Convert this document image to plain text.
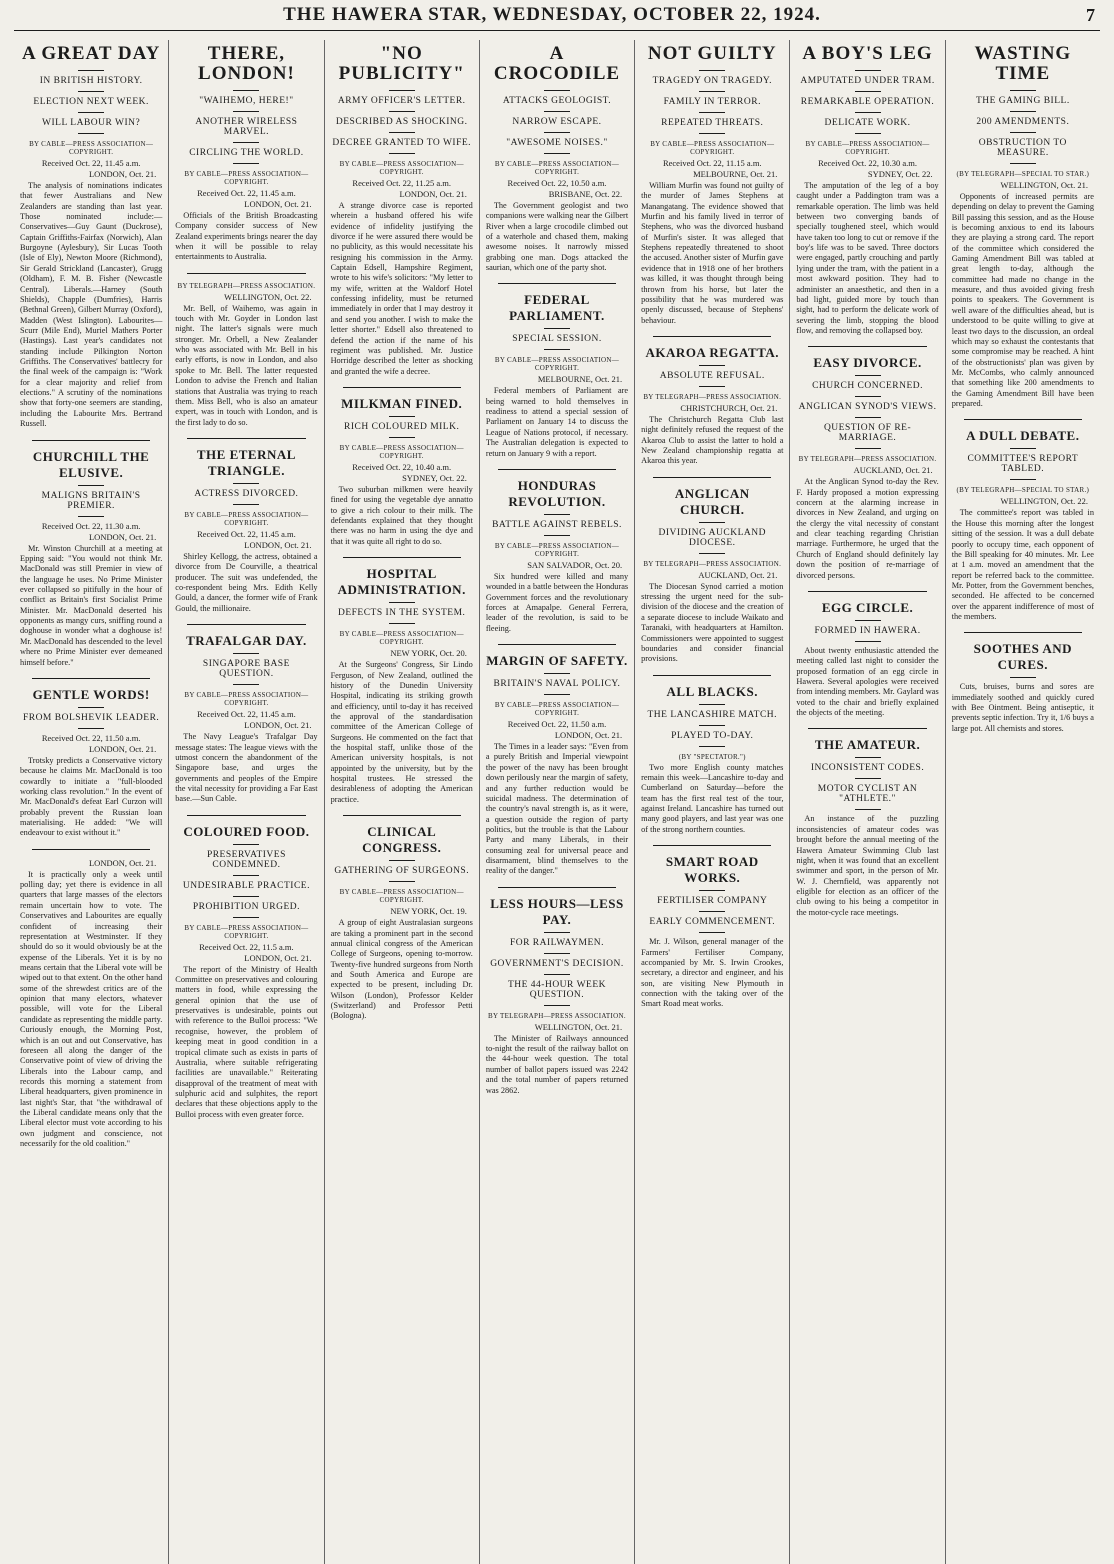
THE HAWERA STAR, WEDNESDAY, OCTOBER 22, 1924.	7
A GREAT DAY
IN BRITISH HISTORY.
ELECTION NEXT WEEK.
WILL LABOUR WIN?
BY CABLE—PRESS ASSOCIATION—COPYRIGHT.
Received Oct. 22, 11.45 a.m.
LONDON, Oct. 21.

The analysis of nominations indicates that fewer Australians and New Zealanders are standing than last year. Those nominated include:— Conservatives—Guy Gaunt (Duckrose), Captain Griffiths-Fairfax (Norwich), Alan Burgoyne (Aylesbury), Sir Lucas Tooth (Isle of Ely), Newton Moore (Richmond), Sir Gerald Strickland (Lancaster), Grugg (Oldham), F. M. B. Fisher (Newcastle Central). Liberals.—Harney (South Shields), Chapple (Dumfries), Harris (Bethnal Green), Gilbert Murray (Oxford), Madden (West Islington). Labourites—Scurr (Mile End), Muriel Mathers Porter (Hastings). Last year's candidates not standing include Pilkington Norton Griffiths. The Conservatives' battlecry for the final week of the campaign is: "Work for a clear majority and relief from elections." A scrutiny of the nominations show that forty-one seemers are standing, including the Labourite Mrs. Bertrand Russell.

CHURCHILL THE ELUSIVE.
MALIGNS BRITAIN'S PREMIER.
Received Oct. 22, 11.30 a.m.
LONDON, Oct. 21.

Mr. Winston Churchill at a meeting at Epping said: "You would not think Mr. MacDonald was still Premier in view of the language he uses. No Prime Minister ever collapsed so pitifully in the hour of conflict as Britain's first Socialist Prime Minister. Mr. MacDonald deserted his opponents as mangy curs, sniffing round a doghouse in wonder what a doghouse is! Mr. MacDonald has descended to the level where no Prime Minister ever demeaned himself before."

GENTLE WORDS!
FROM BOLSHEVIK LEADER.
Received Oct. 22, 11.50 a.m.
LONDON, Oct. 21.

Trotsky predicts a Conservative victory because he claims Mr. MacDonald is too cowardly to initiate a "full-blooded working class revolution." In the event of Mr. MacDonald's defeat Earl Curzon will probably prevent the Russian loan materialising. He added: "We will endeavour to exist without it."

LONDON, Oct. 21.

It is practically only a week until polling day; yet there is evidence in all quarters that large masses of the electors remain uncertain how to vote. The Conservatives and Labourites are equally confident of increasing their representation at Westminster. If they should do so it would obviously be at the expense of the Liberals. Yet it is by no means certain that the Liberal vote will be wiped out to that extent. On the other hand some of the shrewdest critics are of the opinion that many electors, whatever possible, will vote for the Liberal candidate as representing the middle party. Curiously enough, the Morning Post, which is an out and out Conservative, has foreseen all along the danger of the Conservative point of view of driving the Liberals into the Labour camp, and records this morning a statement from Liberal headquarters, given prominence in last night's Star, that "the withdrawal of the Liberal candidate means only that the Liberal elector must vote according to his own judgment and conscience, not necessarily for the old coalition."

THERE, LONDON!
"WAIHEMO, HERE!"
ANOTHER WIRELESS MARVEL.
CIRCLING THE WORLD.
BY CABLE—PRESS ASSOCIATION—COPYRIGHT.
Received Oct. 22, 11.45 a.m.
LONDON, Oct. 21.

Officials of the British Broadcasting Company consider success of New Zealand experiments brings nearer the day when it will be possible to relay entertainments to Australia.

BY TELEGRAPH—PRESS ASSOCIATION.
WELLINGTON, Oct. 22.

Mr. Bell, of Waihemo, was again in touch with Mr. Goyder in London last night. The latter's signals were much stronger. Mr. Orbell, a New Zealander who was associated with Mr. Bell in his early efforts, is now in London, and also spoke to Mr. Bell. The latter requested London to advise the French and Italian stations that Australia was trying to reach them. Miss Bell, who is also an amateur expert, was in touch with London, and is the first lady to do so.

THE ETERNAL TRIANGLE.
ACTRESS DIVORCED.
BY CABLE—PRESS ASSOCIATION—COPYRIGHT.
Received Oct. 22, 11.45 a.m.
LONDON, Oct. 21.

Shirley Kellogg, the actress, obtained a divorce from De Courville, a theatrical producer. The suit was undefended, the co-respondent being Mrs. Edith Kelly Gould, a dancer, the former wife of Frank Gould, the millionaire.

TRAFALGAR DAY.
SINGAPORE BASE QUESTION.
BY CABLE—PRESS ASSOCIATION—COPYRIGHT.
Received Oct. 22, 11.45 a.m.
LONDON, Oct. 21.

The Navy League's Trafalgar Day message states: The league views with the utmost concern the abandonment of the Singapore base, and urges the governments and peoples of the Empire the vital necessity for providing a Far East base.—Sun Cable.

COLOURED FOOD.
PRESERVATIVES CONDEMNED.
UNDESIRABLE PRACTICE.
PROHIBITION URGED.
BY CABLE—PRESS ASSOCIATION—COPYRIGHT.
Received Oct. 22, 11.5 a.m.
LONDON, Oct. 21.

The report of the Ministry of Health Committee on preservatives and colouring matters in food, while expressing the general opinion that the use of preservatives is undesirable, points out with reference to the Bulloi process: "We recognise, however, the problem of keeping meat in good condition in a tropical climate such as exists in parts of Australia, where suitable refrigerating facilities are unavailable." Reiterating disapproval of the treatment of meat with sulphuric acid and sulphites, the report declares that these objections apply to the Bulloi process with even greater force.

"NO PUBLICITY"
ARMY OFFICER'S LETTER.
DESCRIBED AS SHOCKING.
DECREE GRANTED TO WIFE.
BY CABLE—PRESS ASSOCIATION—COPYRIGHT.
Received Oct. 22, 11.25 a.m.
LONDON, Oct. 21.

A strange divorce case is reported wherein a husband offered his wife evidence of infidelity justifying the divorce if he were assured there would be no publicity, as this would necessitate his resigning his commission in the Army. Captain Edsell, Hampshire Regiment, wrote to his wife's solicitors: "My letter to my wife, written at the Waldorf Hotel confessing infidelity, must be returned immediately in order that I may destroy it and send you another. I wish to make the letter shorter." Edsell also threatened to defend the action if the name of his regiment was published. Mr. Justice Horridge described the letter as shocking and granted the wife a decree.

MILKMAN FINED.
RICH COLOURED MILK.
BY CABLE—PRESS ASSOCIATION—COPYRIGHT.
Received Oct. 22, 10.40 a.m.
SYDNEY, Oct. 22.

Two suburban milkmen were heavily fined for using the vegetable dye annatto to give a rich colour to their milk. The defendants explained that they thought there was no harm in using the dye and that it was quite all right to do so.

HOSPITAL ADMINISTRATION.
DEFECTS IN THE SYSTEM.
BY CABLE—PRESS ASSOCIATION—COPYRIGHT.
NEW YORK, Oct. 20.

At the Surgeons' Congress, Sir Lindo Ferguson, of New Zealand, outlined the history of the Dunedin University Hospital, indicating its striking growth and efficiency, until to-day it has received the approval of the standardisation committee of the American College of Surgeons. He commented on the fact that the hospital staff, unlike those of the American university hospitals, is not appointed by the university, but by the hospital trustees. He stressed the desirableness of adopting the American practice.

CLINICAL CONGRESS.
GATHERING OF SURGEONS.
BY CABLE—PRESS ASSOCIATION—COPYRIGHT.
NEW YORK, Oct. 19.

A group of eight Australasian surgeons are taking a prominent part in the second annual clinical congress of the American College of Surgeons, opening to-morrow. Twenty-five hundred surgeons from North and South America and Europe are expected to be present, including Dr. Wilson (London), Professor Kelder (Switzerland) and Professor Petti (Bologna).

A CROCODILE
ATTACKS GEOLOGIST.
NARROW ESCAPE.
"AWESOME NOISES."
BY CABLE—PRESS ASSOCIATION—COPYRIGHT.
Received Oct. 22, 10.50 a.m.
BRISBANE, Oct. 22.

The Government geologist and two companions were walking near the Gilbert River when a large crocodile climbed out of a waterhole and chased them, making awesome noises. It narrowly missed grabbing one man. Dogs attacked the saurian, which one of the party shot.

FEDERAL PARLIAMENT.
SPECIAL SESSION.
BY CABLE—PRESS ASSOCIATION—COPYRIGHT.
MELBOURNE, Oct. 21.

Federal members of Parliament are being warned to hold themselves in readiness to attend a special session of Parliament on January 14 to discuss the League of Nations protocol, if necessary. The Australian delegation is expected to return on January 9 with a report.

HONDURAS REVOLUTION.
BATTLE AGAINST REBELS.
BY CABLE—PRESS ASSOCIATION—COPYRIGHT.
SAN SALVADOR, Oct. 20.

Six hundred were killed and many wounded in a battle between the Honduras Government forces and the revolutionary forces at Amapalpe. General Ferrera, leader of the revolution, is said to be fleeing.

MARGIN OF SAFETY.
BRITAIN'S NAVAL POLICY.
BY CABLE—PRESS ASSOCIATION—COPYRIGHT.
Received Oct. 22, 11.50 a.m.
LONDON, Oct. 21.

The Times in a leader says: "Even from a purely British and Imperial viewpoint the power of the navy has been brought down perilously near the margin of safety, and any further reduction would be suicidal madness. The determination of the country's naval strength is, as it were, a question outside the region of party politics, but the trouble is that the Labour Party and many Liberals, in their consuming zeal for universal peace and disarmament, blind themselves to the reality of the danger."

LESS HOURS—LESS PAY.
FOR RAILWAYMEN.
GOVERNMENT'S DECISION.
THE 44-HOUR WEEK QUESTION.
BY TELEGRAPH—PRESS ASSOCIATION.
WELLINGTON, Oct. 21.

The Minister of Railways announced to-night the result of the railway ballot on the 44-hour week question. The total number of ballot papers issued was 2242 and the total number of papers returned was 2862.

NOT GUILTY
TRAGEDY ON TRAGEDY.
FAMILY IN TERROR.
REPEATED THREATS.
BY CABLE—PRESS ASSOCIATION—COPYRIGHT.
Received Oct. 22, 11.15 a.m.
MELBOURNE, Oct. 21.

William Murfin was found not guilty of the murder of James Stephens at Manangatang. The evidence showed that Murfin and his family lived in terror of Stephens, who was the divorced husband of Murfin's sister. It was alleged that Stephens repeatedly threatened to shoot the accused. Another sister of Murfin gave evidence that in 1918 one of her brothers was killed, it was thought through being thrown from his horse, but later the possibility that he was murdered was openly discussed, because of Stephens' behaviour.

AKAROA REGATTA.
ABSOLUTE REFUSAL.
BY TELEGRAPH—PRESS ASSOCIATION.
CHRISTCHURCH, Oct. 21.

The Christchurch Regatta Club last night definitely refused the request of the Akaroa Club to assist the latter to hold a New Zealand championship regatta at Akaroa this year.

ANGLICAN CHURCH.
DIVIDING AUCKLAND DIOCESE.
BY TELEGRAPH—PRESS ASSOCIATION.
AUCKLAND, Oct. 21.

The Diocesan Synod carried a motion stressing the urgent need for the sub-division of the diocese and the creation of a separate diocese to include Waikato and Taranaki, with headquarters at Hamilton. Commissioners were appointed to suggest boundaries and consider financial provisions.

ALL BLACKS.
THE LANCASHIRE MATCH.
PLAYED TO-DAY.
(BY "SPECTATOR.")

Two more English county matches remain this week—Lancashire to-day and Cumberland on Saturday—before the team has the first real test of the tour, against Ireland. Lancashire has turned out many good players, and last year was one of the strong northern counties.

SMART ROAD WORKS.
FERTILISER COMPANY
EARLY COMMENCEMENT.

Mr. J. Wilson, general manager of the Farmers' Fertiliser Company, accompanied by Mr. S. Irwin Crookes, secretary, a director and engineer, and his son, are visiting New Plymouth in connection with the taking over of the Smart Road meat works.

A BOY'S LEG
AMPUTATED UNDER TRAM.
REMARKABLE OPERATION.
DELICATE WORK.
BY CABLE—PRESS ASSOCIATION—COPYRIGHT.
Received Oct. 22, 10.30 a.m.
SYDNEY, Oct. 22.

The amputation of the leg of a boy caught under a Paddington tram was a remarkable operation. The limb was held between two converging bands of specially toughened steel, which would have taken too long to cut or remove if the boy's life was to be saved. Three doctors were engaged, partly crouching and partly lying under the tram, with the patient in a most awkward position. They had to administer an anaesthetic, and then in a bad light, guided more by touch than sight, had to perform the delicate work of severing the limb, stopping the blood flow, and removing the collapsed boy.

EASY DIVORCE.
CHURCH CONCERNED.
ANGLICAN SYNOD'S VIEWS.
QUESTION OF RE-MARRIAGE.
BY TELEGRAPH—PRESS ASSOCIATION.
AUCKLAND, Oct. 21.

At the Anglican Synod to-day the Rev. F. Hardy proposed a motion expressing concern at the alarming increase in divorces in New Zealand, and urging on the clergy the vital necessity of constant and clear teaching regarding Christian marriage. Furthermore, he urged that the Church of England should definitely lay down the position of re-marriage of divorced persons.

EGG CIRCLE.
FORMED IN HAWERA.

About twenty enthusiastic attended the meeting called last night to consider the proposed formation of an egg circle in Hawera. Several apologies were received from intending members. Mr. Gaylard was voted to the chair and briefly explained the objects of the meeting.

THE AMATEUR.
INCONSISTENT CODES.
MOTOR CYCLIST AN "ATHLETE."

An instance of the puzzling inconsistencies of amateur codes was brought before the annual meeting of the Hawera Amateur Swimming Club last night, when it was found that an excellent swimmer and sport, in the person of Mr. W. J. Chernfield, was apparently not eligible for election as an officer of the club owing to his being a competitor in the motor-cycle race meetings.

WASTING TIME
THE GAMING BILL.
200 AMENDMENTS.
OBSTRUCTION TO MEASURE.
(BY TELEGRAPH—SPECIAL TO STAR.)
WELLINGTON, Oct. 21.

Opponents of increased permits are depending on delay to prevent the Gaming Bill passing this session, and as the House is becoming anxious to end its labours they are playing a strong card. The report of the committee which considered the Gaming Amendment Bill was tabled at great length to-day, although the committee had made no change in the measure, and thus avoided giving fresh points to speakers. The Government is well aware of the difficulties ahead, but is understood to be quite willing to give at least two days to the discussion, an ordeal which may so exhaust the contestants that some compromise may be reached. A hint of the obstructionists' plan was given by Mr. McCombs, who calmly announced that something like 200 amendments to the Gaming Amendment Bill have been prepared.

A DULL DEBATE.
COMMITTEE'S REPORT TABLED.
(BY TELEGRAPH—SPECIAL TO STAR.)
WELLINGTON, Oct. 22.

The committee's report was tabled in the House this morning after the longest sitting of the session. It was a dull debate poorly to occupy time, each opponent of the Bill speaking for 40 minutes. Mr. Lee at 1 a.m. moved an amendment that the report be referred back to the committee. Mr. Potter, from the Government benches, seconded. He affected to be concerned over the apparent indifference of most of the members.

SOOTHES AND CURES.

Cuts, bruises, burns and sores are immediately soothed and quickly cured with Bee Ointment. Being antiseptic, it prevents septic infection. Try it, 1/6 buys a large pot. All chemists and stores.
